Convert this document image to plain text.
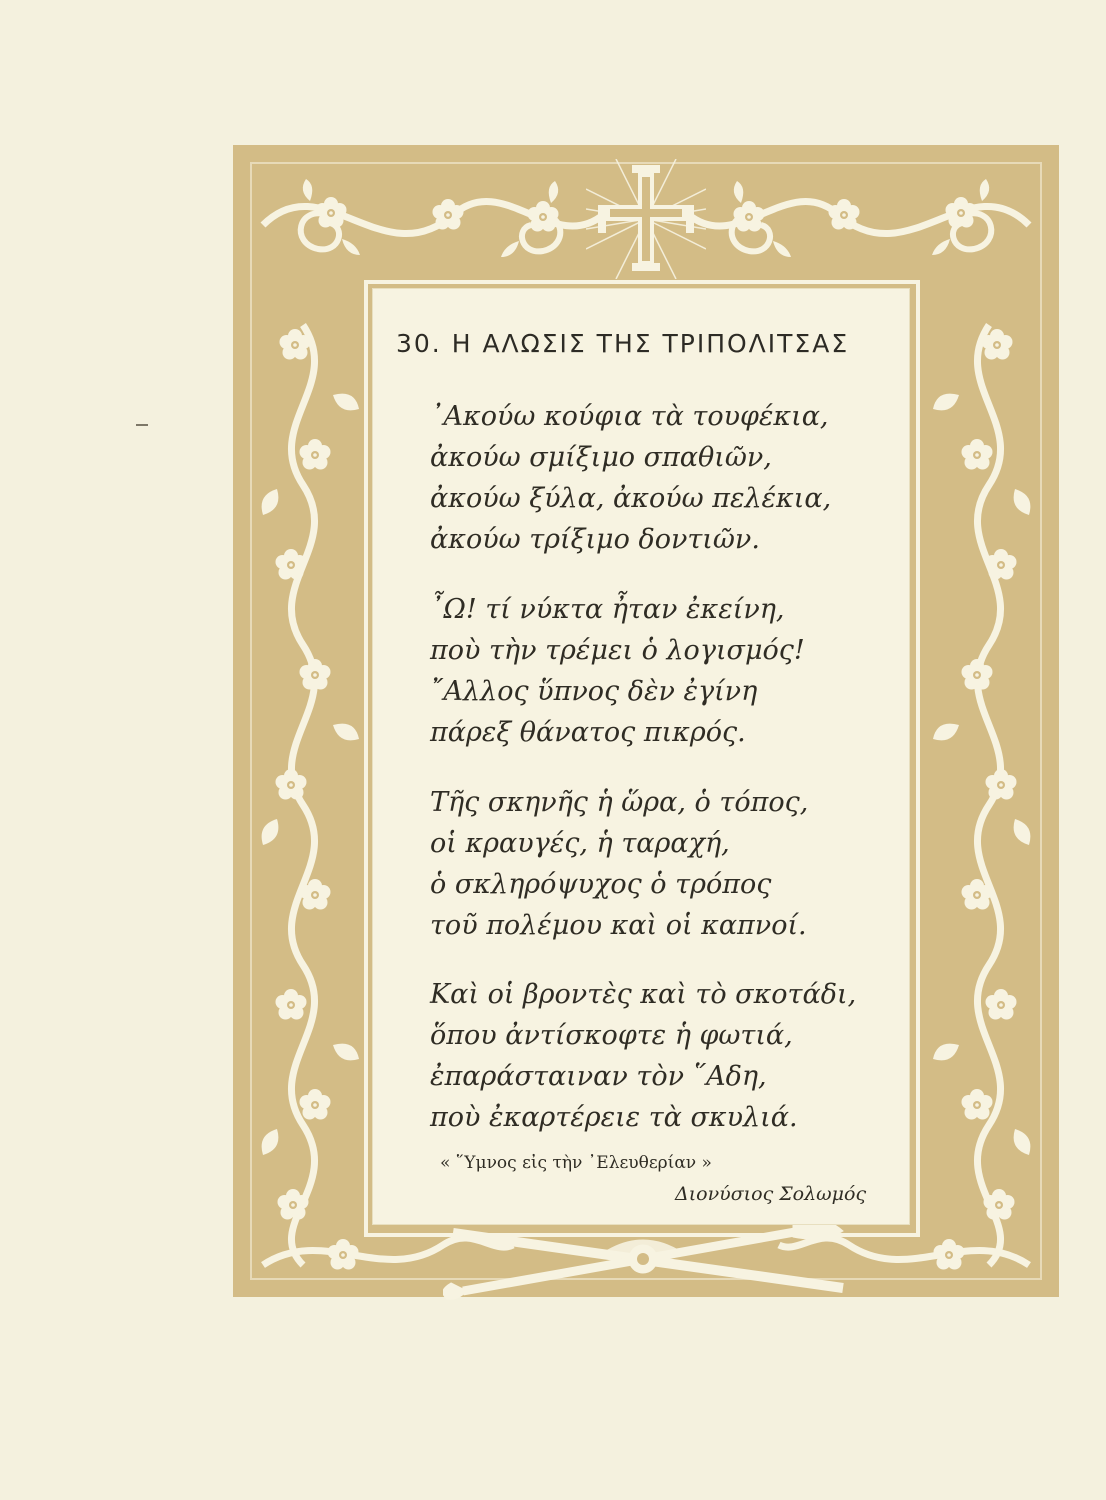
30. Η ΑΛΩΣΙΣ ΤΗΣ ΤΡΙΠΟΛΙΤΣΑΣ
᾿Ακούω κούφια τὰ τουφέκια,
ἀκούω σμίξιμο σπαθιῶν,
ἀκούω ξύλα, ἀκούω πελέκια,
ἀκούω τρίξιμο δοντιῶν.
῏Ω! τί νύκτα ἦταν ἐκείνη,
ποὺ τὴν τρέμει ὁ λογισμός!
῎Αλλος ὕπνος δὲν ἐγίνη
πάρεξ θάνατος πικρός.
Τῆς σκηνῆς ἡ ὥρα, ὁ τόπος,
οἱ κραυγές, ἡ ταραχή,
ὁ σκληρόψυχος ὁ τρόπος
τοῦ πολέμου καὶ οἱ καπνοί.
Καὶ οἱ βροντὲς καὶ τὸ σκοτάδι,
ὅπου ἀντίσκοφτε ἡ φωτιά,
ἐπαράσταιναν τὸν ῞Αδη,
ποὺ ἐκαρτέρειε τὰ σκυλιά.
« ῞Υμνος εἰς τὴν ᾿Ελευθερίαν »
Διονύσιος Σολωμός
